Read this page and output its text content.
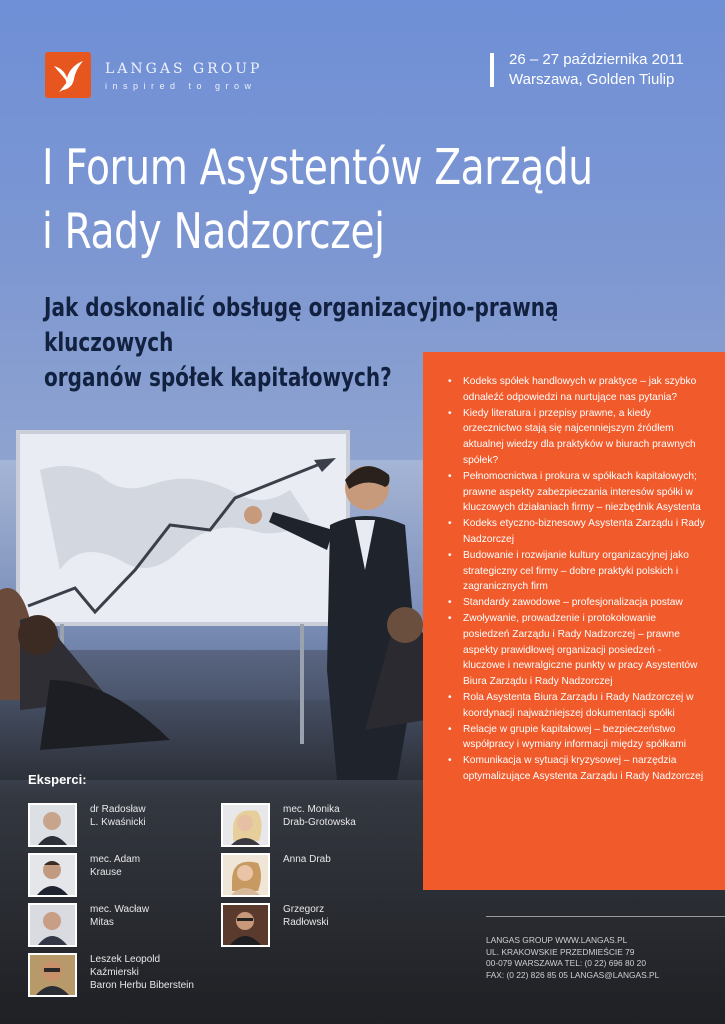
LANGAS GROUP
inspired to grow
26 – 27 października 2011
Warszawa, Golden Tiulip
I Forum Asystentów Zarządu
i Rady Nadzorczej
Jak doskonalić obsługę organizacyjno-prawną kluczowych
organów spółek kapitałowych?
•	Kodeks spółek handlowych w praktyce – jak szybko odnaleźć odpowiedzi na nurtujące nas pytania?
• Kiedy literatura i przepisy prawne, a kiedy orzecznictwo stają się najcenniejszym źródłem aktualnej wiedzy dla praktyków w biurach prawnych spółek?
• Pełnomocnictwa i prokura w spółkach kapitałowych; prawne aspekty zabezpieczania interesów spółki w kluczowych działaniach firmy – niezbędnik Asystenta
• Kodeks etyczno-biznesowy Asystenta Zarządu i Rady Nadzorczej
• Budowanie i rozwijanie kultury organizacyjnej jako strategiczny cel firmy – dobre praktyki polskich i zagranicznych firm
• Standardy zawodowe – profesjonalizacja postaw
• Zwoływanie, prowadzenie i protokołowanie posiedzeń Zarządu i Rady Nadzorczej – prawne aspekty prawidłowej organizacji posiedzeń - kluczowe i newralgiczne punkty w pracy Asystentów Biura Zarządu i Rady Nadzorczej
• Rola Asystenta Biura Zarządu i Rady Nadzorczej w koordynacji najważniejszej dokumentacji spółki
• Relacje w grupie kapitałowej – bezpieczeństwo współpracy i wymiany informacji między spółkami
• Komunikacja w sytuacji kryzysowej – narzędzia optymalizujące Asystenta Zarządu i Rady Nadzorczej
Eksperci:
dr Radosław
L. Kwaśnicki
mec. Adam
Krause
mec. Wacław
Mitas
Leszek Leopold
Kaźmierski
Baron Herbu Biberstein
mec. Monika
Drab-Grotowska
Anna Drab
Grzegorz
Radłowski
LANGAS GROUP WWW.LANGAS.PL
UL. KRAKOWSKIE PRZEDMIEŚCIE 79
00-079 WARSZAWA TEL: (0 22) 696 80 20
FAX: (0 22) 826 85 05 LANGAS@LANGAS.PL
